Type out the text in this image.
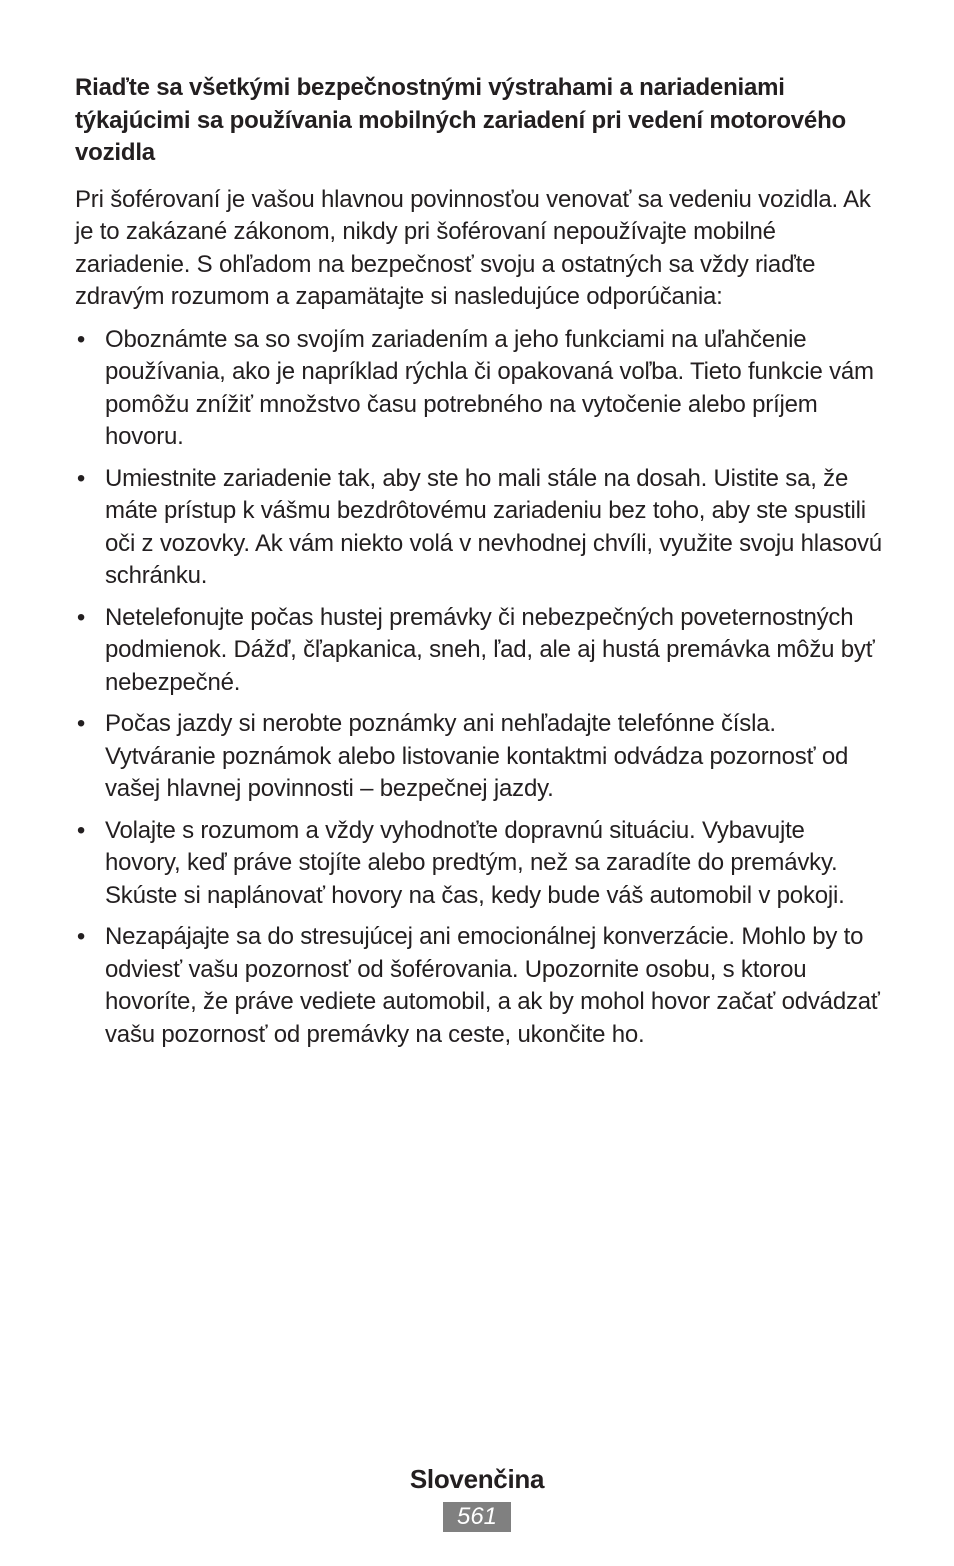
Riaďte sa všetkými bezpečnostnými výstrahami a nariadeniami týkajúcimi sa používania mobilných zariadení pri vedení motorového vozidla

Pri šoférovaní je vašou hlavnou povinnosťou venovať sa vedeniu vozidla. Ak je to zakázané zákonom, nikdy pri šoférovaní nepoužívajte mobilné zariadenie. S ohľadom na bezpečnosť svoju a ostatných sa vždy riaďte zdravým rozumom a zapamätajte si nasledujúce odporúčania:

• Oboznámte sa so svojím zariadením a jeho funkciami na uľahčenie používania, ako je napríklad rýchla či opakovaná voľba. Tieto funkcie vám pomôžu znížiť množstvo času potrebného na vytočenie alebo príjem hovoru.
• Umiestnite zariadenie tak, aby ste ho mali stále na dosah. Uistite sa, že máte prístup k vášmu bezdrôtovému zariadeniu bez toho, aby ste spustili oči z vozovky. Ak vám niekto volá v nevhodnej chvíli, využite svoju hlasovú schránku.
• Netelefonujte počas hustej premávky či nebezpečných poveternostných podmienok. Dážď, čľapkanica, sneh, ľad, ale aj hustá premávka môžu byť nebezpečné.
• Počas jazdy si nerobte poznámky ani nehľadajte telefónne čísla. Vytváranie poznámok alebo listovanie kontaktmi odvádza pozornosť od vašej hlavnej povinnosti – bezpečnej jazdy.
• Volajte s rozumom a vždy vyhodnoťte dopravnú situáciu. Vybavujte hovory, keď práve stojíte alebo predtým, než sa zaradíte do premávky. Skúste si naplánovať hovory na čas, kedy bude váš automobil v pokoji.
• Nezapájajte sa do stresujúcej ani emocionálnej konverzácie. Mohlo by to odviesť vašu pozornosť od šoférovania. Upozornite osobu, s ktorou hovoríte, že práve vediete automobil, a ak by mohol hovor začať odvádzať vašu pozornosť od premávky na ceste, ukončite ho.
Slovenčina
561
